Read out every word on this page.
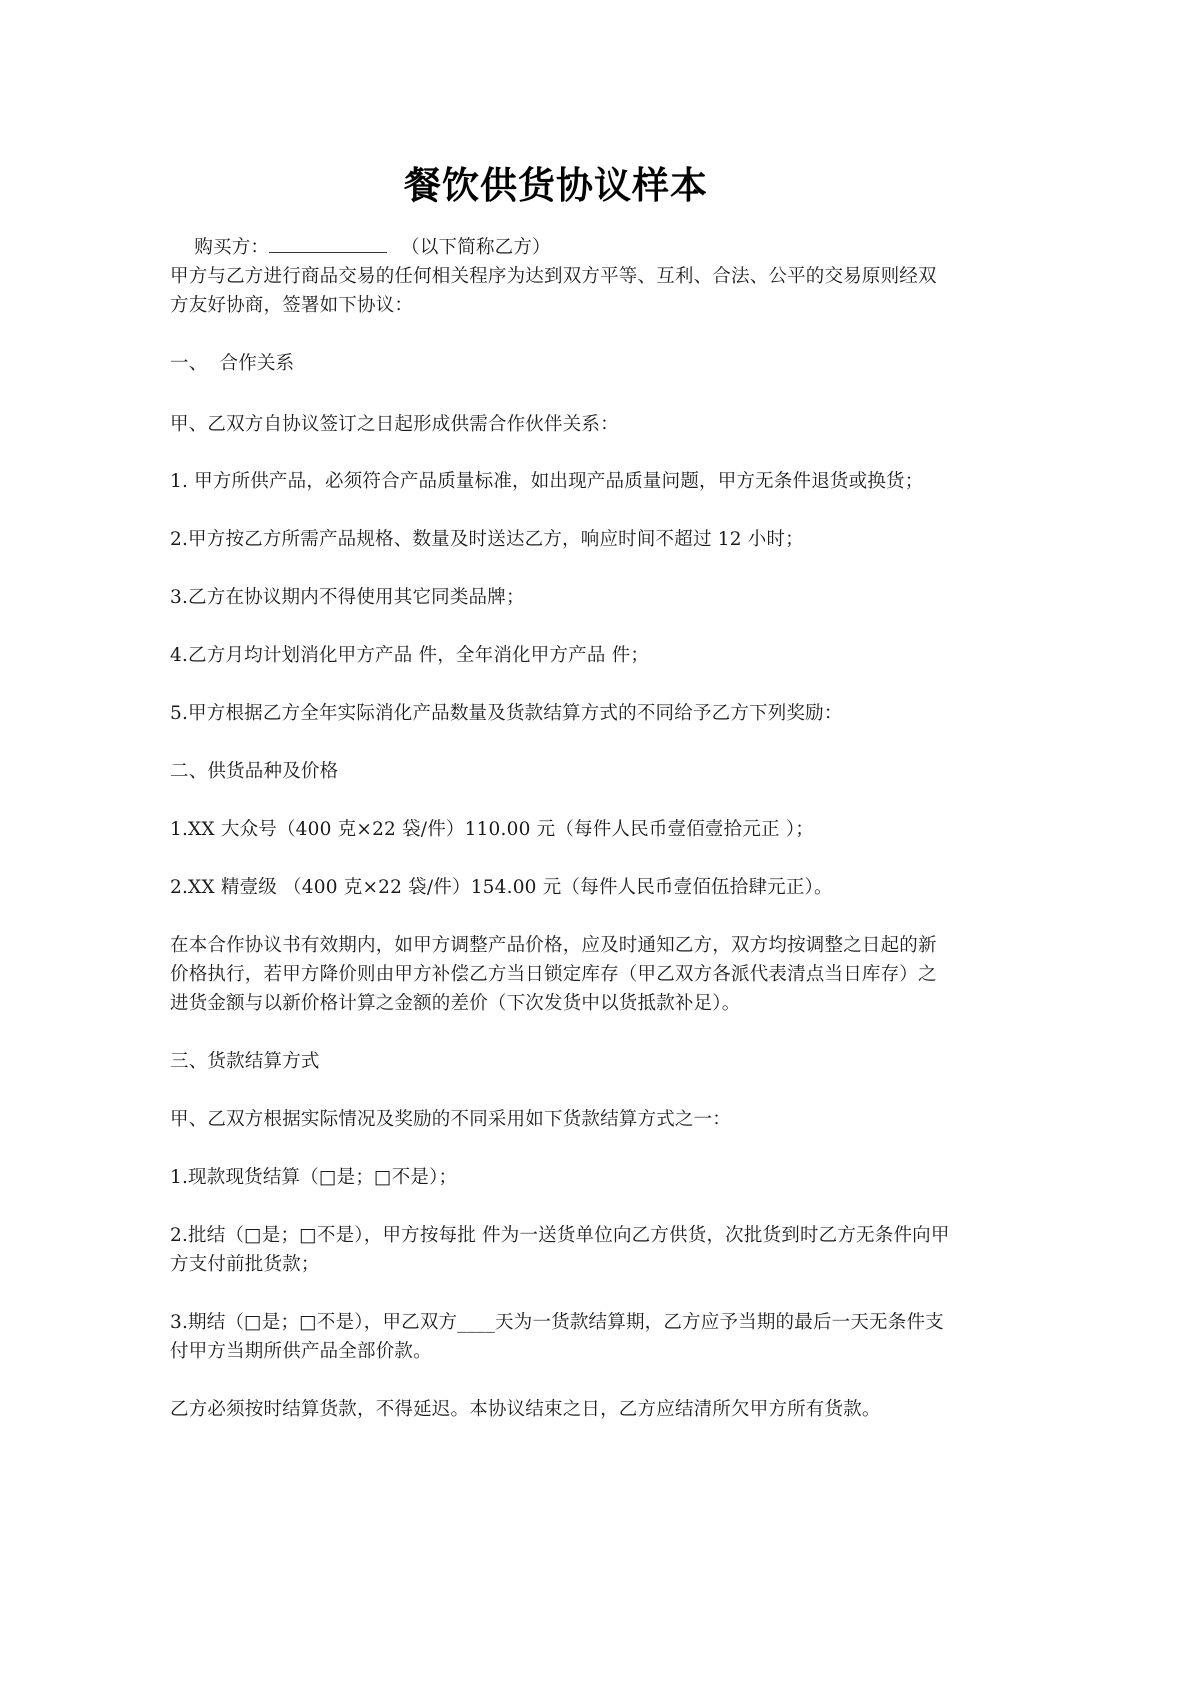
餐饮供货协议样本

购买方：	（以下简称乙方）

甲方与乙方进行商品交易的任何相关程序为达到双方平等、互利、合法、公平的交易原则经双方友好协商，签署如下协议：
一、  合作关系
甲、乙双方自协议签订之日起形成供需合作伙伴关系：
1. 甲方所供产品，必须符合产品质量标准，如出现产品质量问题，甲方无条件退货或换货；
2.甲方按乙方所需产品规格、数量及时送达乙方，响应时间不超过 12 小时；
3.乙方在协议期内不得使用其它同类品牌；
4.乙方月均计划消化甲方产品 件，全年消化甲方产品 件；
5.甲方根据乙方全年实际消化产品数量及货款结算方式的不同给予乙方下列奖励：
二、供货品种及价格
1.XX 大众号（400 克×22 袋/件）110.00 元（每件人民币壹佰壹拾元正 ）；
2.XX 精壹级 （400 克×22 袋/件）154.00 元（每件人民币壹佰伍拾肆元正）。
在本合作协议书有效期内，如甲方调整产品价格，应及时通知乙方，双方均按调整之日起的新价格执行，若甲方降价则由甲方补偿乙方当日锁定库存（甲乙双方各派代表清点当日库存）之进货金额与以新价格计算之金额的差价（下次发货中以货抵款补足）。
三、货款结算方式
甲、乙双方根据实际情况及奖励的不同采用如下货款结算方式之一：
1.现款现货结算（□是；□不是）；
2.批结（□是；□不是），甲方按每批 件为一送货单位向乙方供货，次批货到时乙方无条件向甲方支付前批货款；
3.期结（□是；□不是），甲乙双方____天为一货款结算期，乙方应予当期的最后一天无条件支付甲方当期所供产品全部价款。
乙方必须按时结算货款，不得延迟。本协议结束之日，乙方应结清所欠甲方所有货款。
